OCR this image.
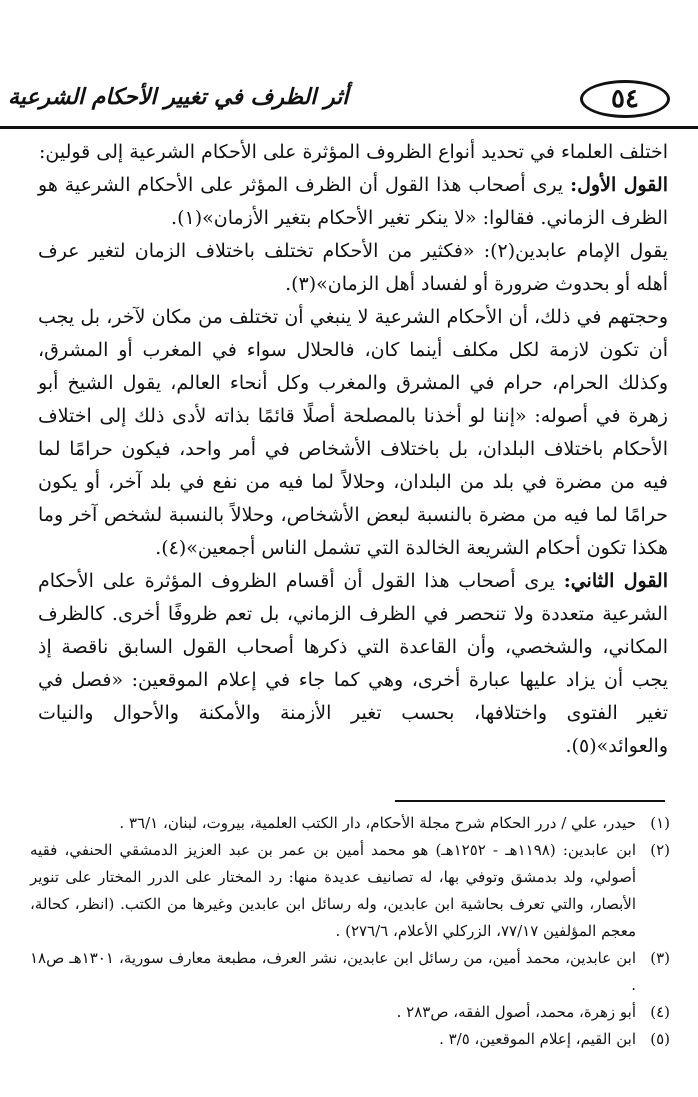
أثر الظرف في تغيير الأحكام الشرعية	٥٤

اختلف العلماء في تحديد أنواع الظروف المؤثرة على الأحكام الشرعية إلى قولين:

القول الأول: يرى أصحاب هذا القول أن الظرف المؤثر على الأحكام الشرعية هو الظرف الزماني. فقالوا: «لا ينكر تغير الأحكام بتغير الأزمان»(١).

يقول الإمام عابدين(٢): «فكثير من الأحكام تختلف باختلاف الزمان لتغير عرف أهله أو بحدوث ضرورة أو لفساد أهل الزمان»(٣).

وحجتهم في ذلك، أن الأحكام الشرعية لا ينبغي أن تختلف من مكان لآخر، بل يجب أن تكون لازمة لكل مكلف أينما كان، فالحلال سواء في المغرب أو المشرق، وكذلك الحرام، حرام في المشرق والمغرب وكل أنحاء العالم، يقول الشيخ أبو زهرة في أصوله: «إننا لو أخذنا بالمصلحة أصلًا قائمًا بذاته لأدى ذلك إلى اختلاف الأحكام باختلاف البلدان، بل باختلاف الأشخاص في أمر واحد، فيكون حرامًا لما فيه من مضرة في بلد من البلدان، وحلالاً لما فيه من نفع في بلد آخر، أو يكون حرامًا لما فيه من مضرة بالنسبة لبعض الأشخاص، وحلالاً بالنسبة لشخص آخر وما هكذا تكون أحكام الشريعة الخالدة التي تشمل الناس أجمعين»(٤).

القول الثاني: يرى أصحاب هذا القول أن أقسام الظروف المؤثرة على الأحكام الشرعية متعددة ولا تنحصر في الظرف الزماني، بل تعم ظروفًا أخرى. كالظرف المكاني، والشخصي، وأن القاعدة التي ذكرها أصحاب القول السابق ناقصة إذ يجب أن يزاد عليها عبارة أخرى، وهي كما جاء في إعلام الموقعين: «فصل في تغير الفتوى واختلافها، بحسب تغير الأزمنة والأمكنة والأحوال والنيات والعوائد»(٥).

(١)
حيدر، علي / درر الحكام شرح مجلة الأحكام، دار الكتب العلمية، بيروت، لبنان، ٣٦/١ .
(٢)
ابن عابدين: (١١٩٨هـ - ١٢٥٢هـ) هو محمد أمين بن عمر بن عبد العزيز الدمشقي الحنفي، فقيه أصولي، ولد بدمشق وتوفي بها، له تصانيف عديدة منها: رد المختار على الدرر المختار على تنوير الأبصار، والتي تعرف بحاشية ابن عابدين، وله رسائل ابن عابدين وغيرها من الكتب. (انظر، كحالة، معجم المؤلفين ٧٧/١٧، الزركلي الأعلام، ٢٧٦/٦) .
(٣)
ابن عابدين، محمد أمين، من رسائل ابن عابدين، نشر العرف، مطبعة معارف سورية، ١٣٠١هـ ص١٨ .
(٤)
أبو زهرة، محمد، أصول الفقه، ص٢٨٣ .
(٥)
ابن القيم، إعلام الموقعين، ٣/٥ .
